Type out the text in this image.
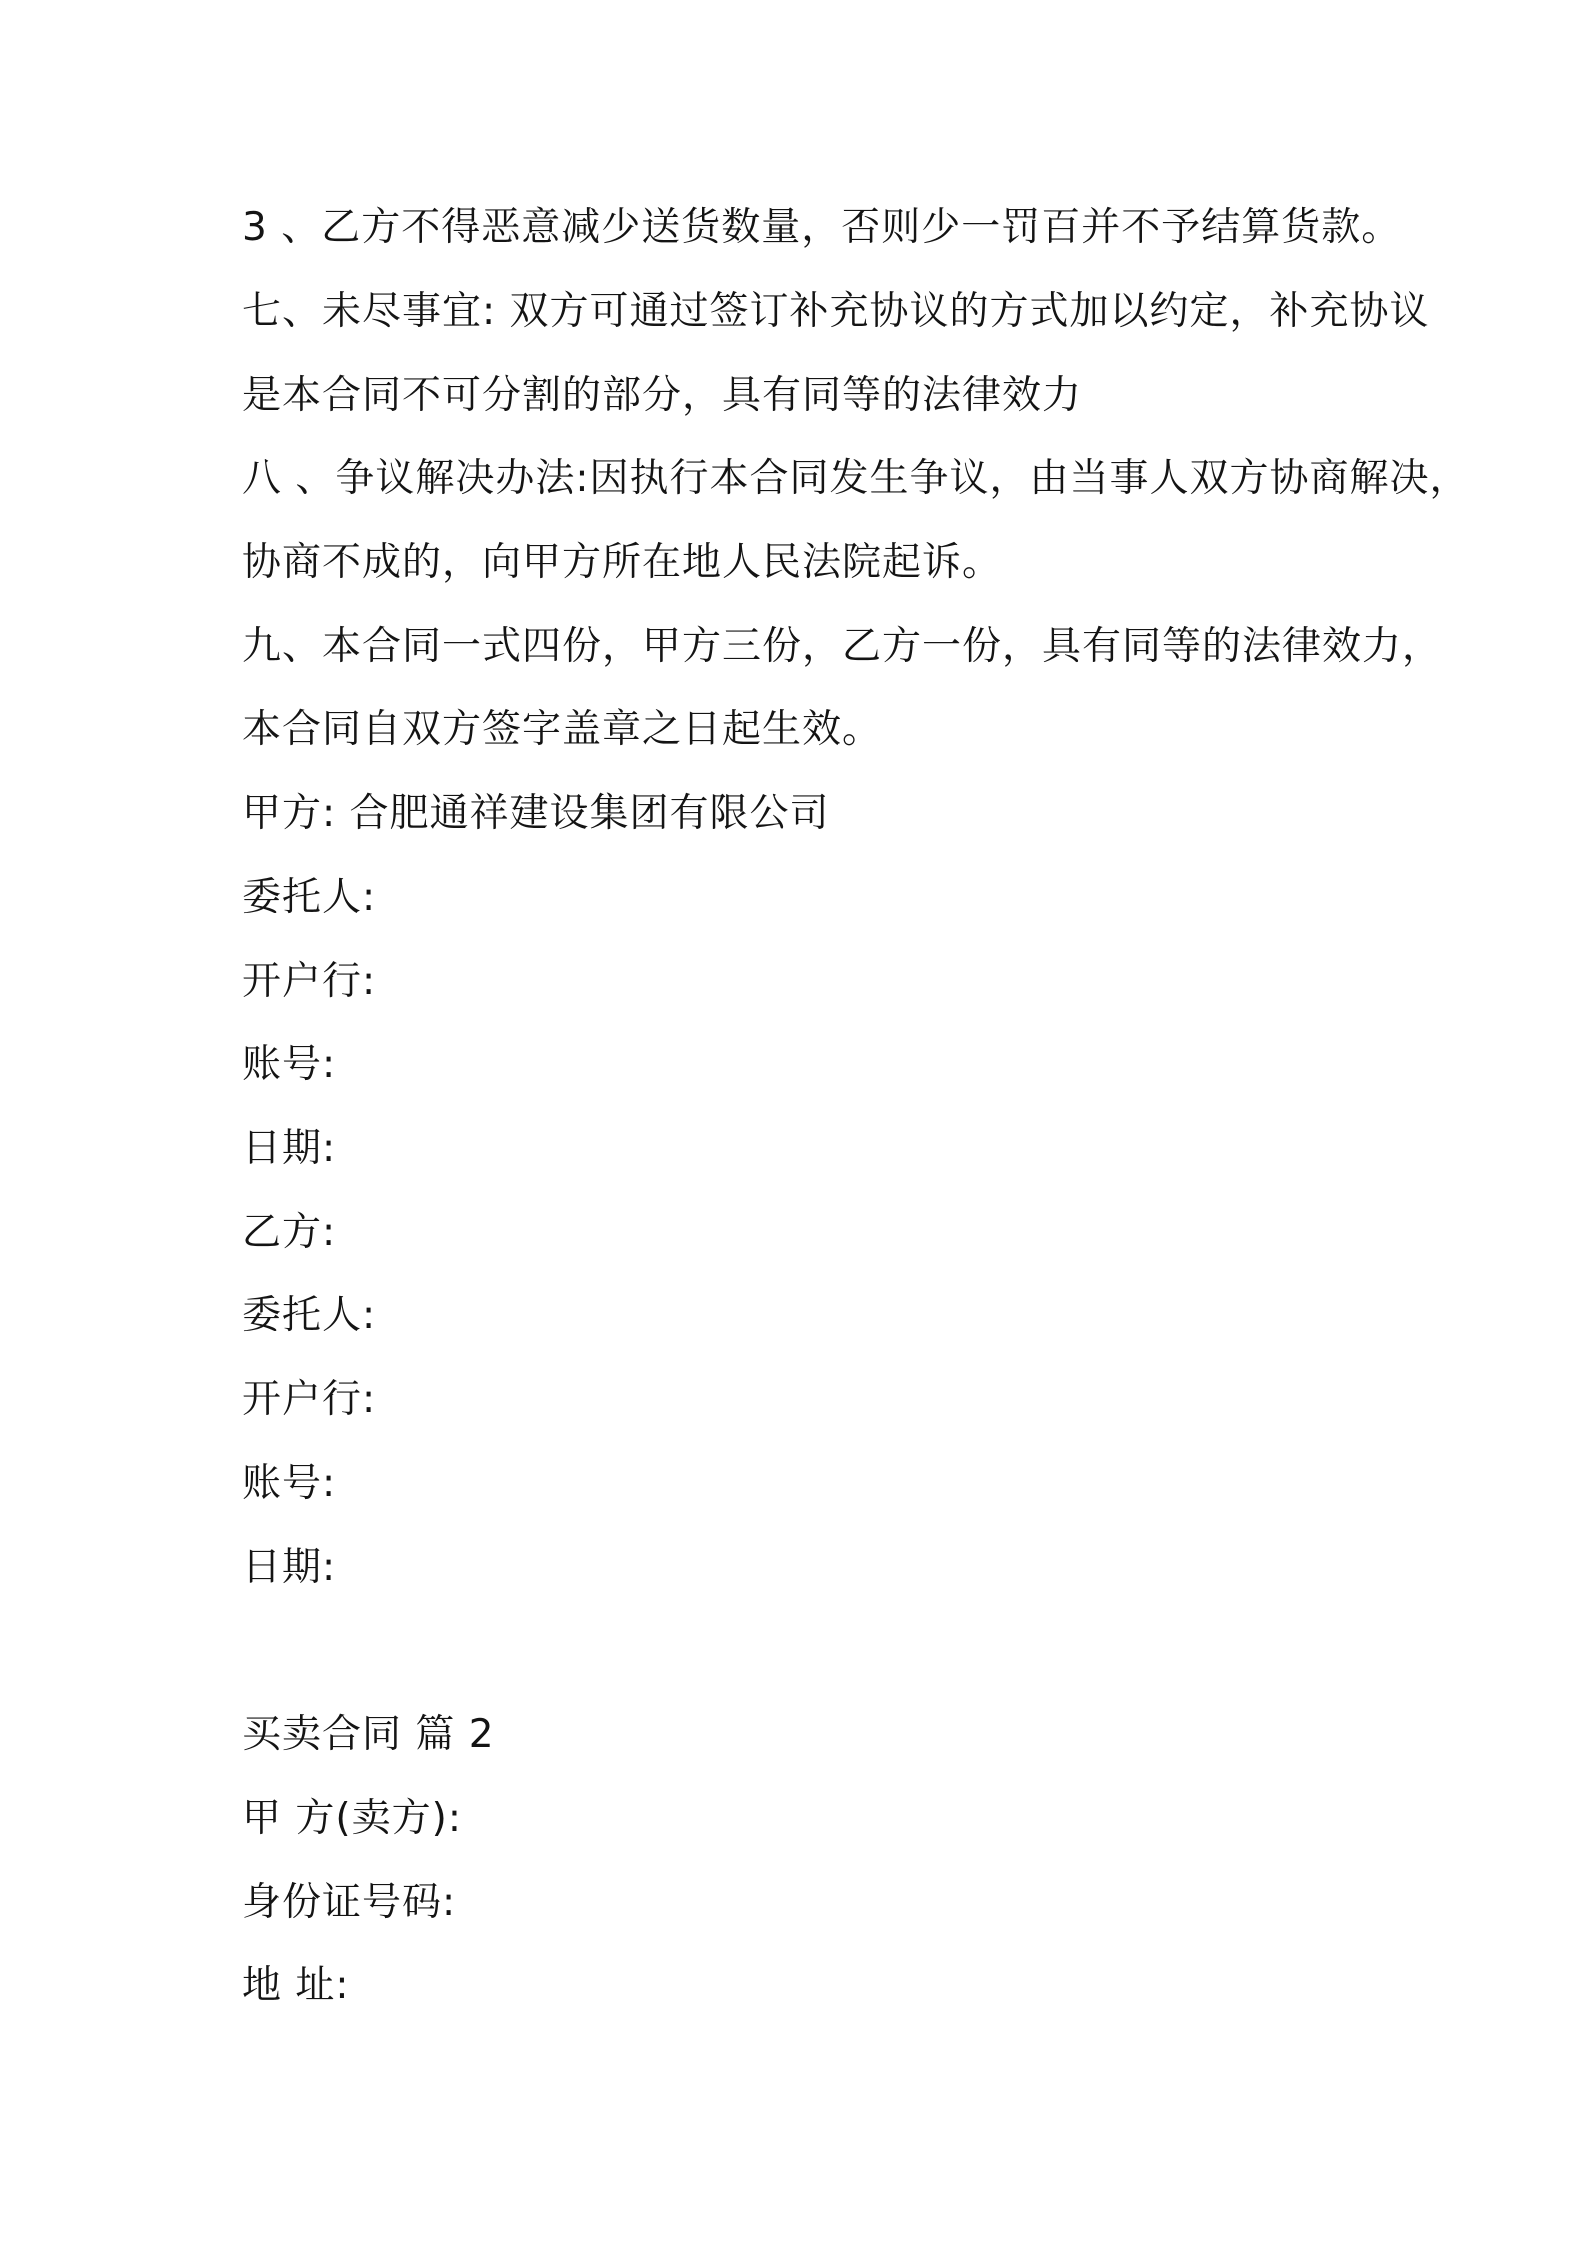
3 、乙方不得恶意减少送货数量，否则少一罚百并不予结算货款。
七、未尽事宜: 双方可通过签订补充协议的方式加以约定，补充协议
是本合同不可分割的部分，具有同等的法律效力
八 、争议解决办法:因执行本合同发生争议，由当事人双方协商解决，
协商不成的，向甲方所在地人民法院起诉。
九、本合同一式四份，甲方三份，乙方一份，具有同等的法律效力，
本合同自双方签字盖章之日起生效。
甲方: 合肥通祥建设集团有限公司
委托人:
开户行:
账号:
日期:
乙方:
委托人:
开户行:
账号:
日期:
买卖合同 篇 2
甲 方(卖方):
身份证号码:
地 址:
